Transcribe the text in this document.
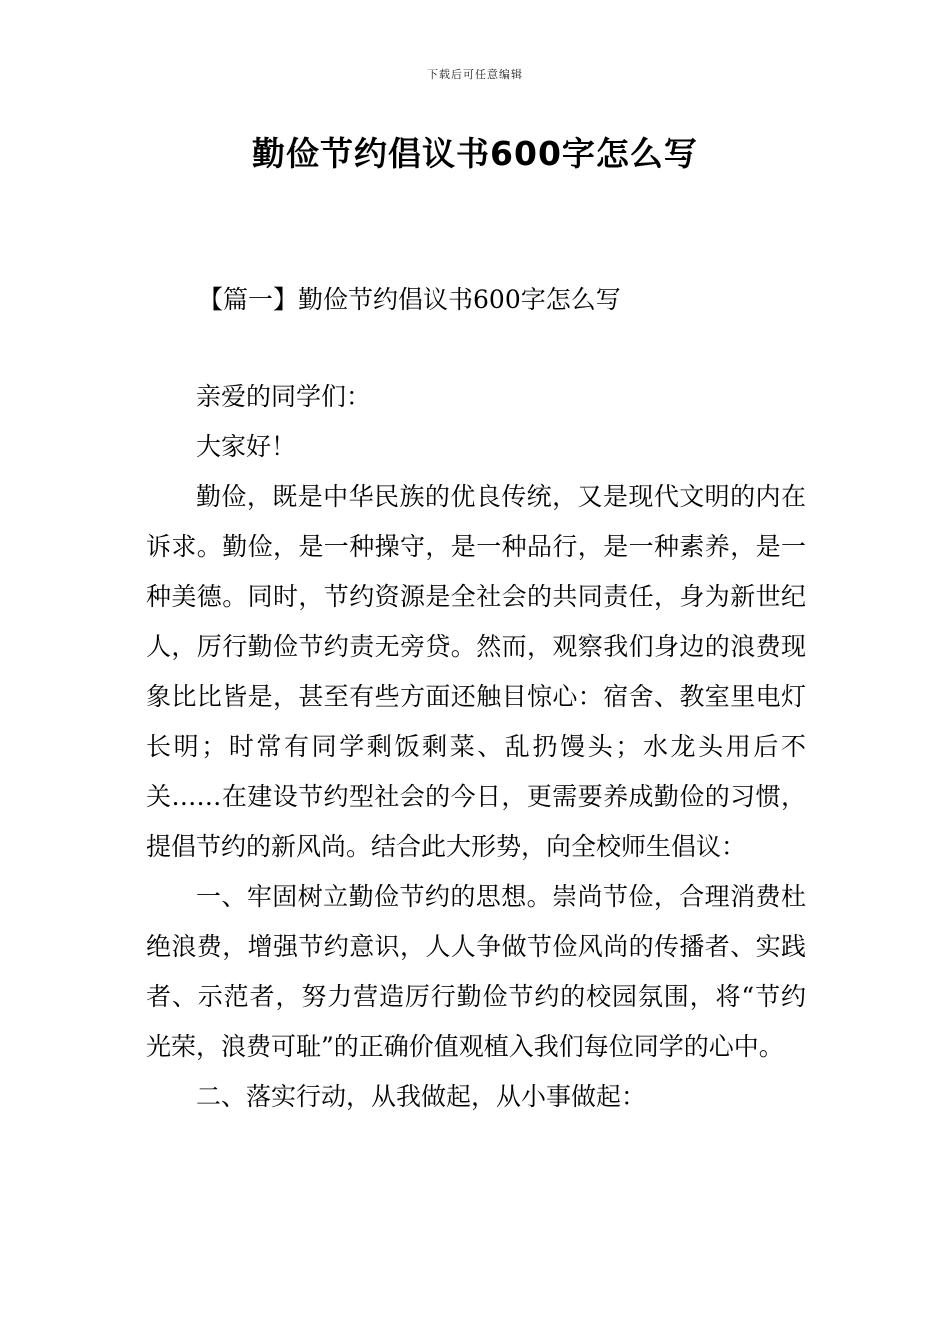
下载后可任意编辑
勤俭节约倡议书600字怎么写
【篇一】勤俭节约倡议书600字怎么写

亲爱的同学们：

大家好！

勤俭，既是中华民族的优良传统，又是现代文明的内在诉求。勤俭，是一种操守，是一种品行，是一种素养，是一种美德。同时，节约资源是全社会的共同责任，身为新世纪人，厉行勤俭节约责无旁贷。然而，观察我们身边的浪费现象比比皆是，甚至有些方面还触目惊心：宿舍、教室里电灯长明；时常有同学剩饭剩菜、乱扔馒头；水龙头用后不关……在建设节约型社会的今日，更需要养成勤俭的习惯，提倡节约的新风尚。结合此大形势，向全校师生倡议：

一、牢固树立勤俭节约的思想。崇尚节俭，合理消费杜绝浪费，增强节约意识，人人争做节俭风尚的传播者、实践者、示范者，努力营造厉行勤俭节约的校园氛围，将“节约光荣，浪费可耻”的正确价值观植入我们每位同学的心中。

二、落实行动，从我做起，从小事做起：
